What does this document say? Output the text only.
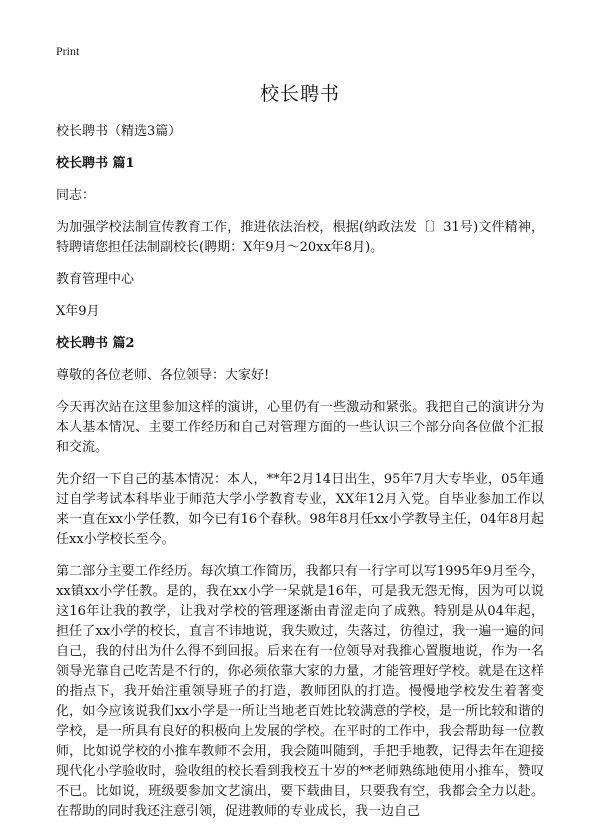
Print
校长聘书

校长聘书（精选3篇）

校长聘书 篇1

同志：

为加强学校法制宣传教育工作，推进依法治校，根据(纳政法发〔〕31号)文件精神，特聘请您担任法制副校长(聘期：X年9月～20xx年8月)。

教育管理中心

X年9月

校长聘书 篇2

尊敬的各位老师、各位领导：大家好!

今天再次站在这里参加这样的演讲，心里仍有一些激动和紧张。我把自己的演讲分为本人基本情况、主要工作经历和自己对管理方面的一些认识三个部分向各位做个汇报和交流。

先介绍一下自己的基本情况：本人，**年2月14日出生，95年7月大专毕业，05年通过自学考试本科毕业于师范大学小学教育专业，XX年12月入党。自毕业参加工作以来一直在xx小学任教，如今已有16个春秋。98年8月任xx小学教导主任，04年8月起任xx小学校长至今。

第二部分主要工作经历。每次填工作简历，我都只有一行字可以写1995年9月至今，xx镇xx小学任教。是的，我在xx小学一呆就是16年，可是我无怨无悔，因为可以说这16年让我的教学，让我对学校的管理逐渐由青涩走向了成熟。特别是从04年起，担任了xx小学的校长，直言不讳地说，我失败过，失落过，彷徨过，我一遍一遍的问自己，我的付出为什么得不到回报。后来在有一位领导对我推心置腹地说，作为一名领导光靠自己吃苦是不行的，你必须依靠大家的力量，才能管理好学校。就是在这样的指点下，我开始注重领导班子的打造，教师团队的打造。慢慢地学校发生着著变化，如今应该说我们xx小学是一所让当地老百姓比较满意的学校，是一所比较和谐的学校，是一所具有良好的积极向上发展的学校。在平时的工作中，我会帮助每一位教师，比如说学校的小推车教师不会用，我会随叫随到，手把手地教，记得去年在迎接现代化小学验收时，验收组的校长看到我校五十岁的**老师熟练地使用小推车，赞叹不已。比如说，班级要参加文艺演出，要下载曲目，只要我有空，我都会全力以赴。在帮助的同时我还注意引领，促进教师的专业成长，我一边自己
